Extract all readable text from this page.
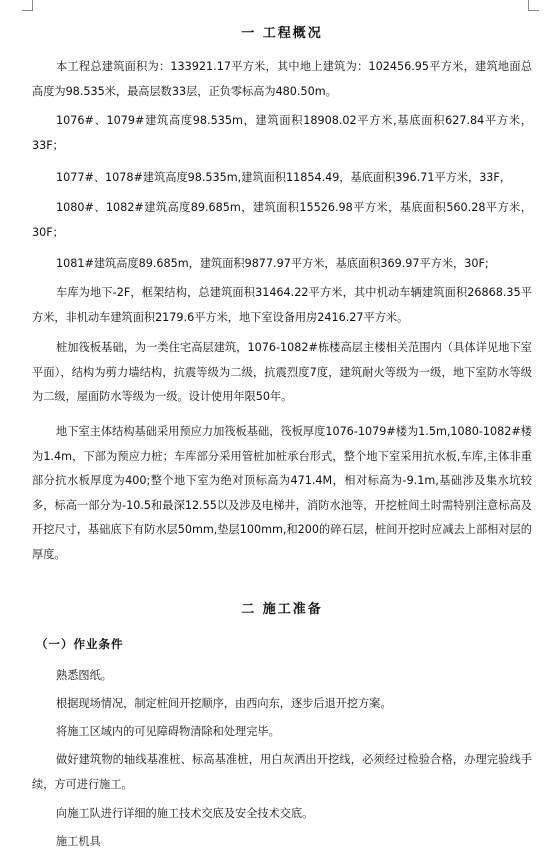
一 工程概况
本工程总建筑面积为：133921.17平方米，其中地上建筑为：102456.95平方米，建筑地面总高度为98.535米，最高层数33层，正负零标高为480.50m。
1076#、1079#建筑高度98.535m，建筑面积18908.02平方米,基底面积627.84平方米，33F；
1077#、1078#建筑高度98.535m,建筑面积11854.49，基底面积396.71平方米，33F，
1080#、1082#建筑高度89.685m，建筑面积15526.98平方米，基底面积560.28平方米，30F；
1081#建筑高度89.685m，建筑面积9877.97平方米，基底面积369.97平方米，30F;
车库为地下-2F，框架结构，总建筑面积31464.22平方米，其中机动车辆建筑面积26868.35平方米，非机动车建筑面积2179.6平方米，地下室设备用房2416.27平方米。
桩加筏板基础，为一类住宅高层建筑，1076-1082#栋楼高层主楼相关范围内（具体详见地下室平面），结构为剪力墙结构，抗震等级为二级，抗震烈度7度，建筑耐火等级为一级，地下室防水等级为二级，屋面防水等级为一级。设计使用年限50年。
地下室主体结构基础采用预应力加筏板基础，筏板厚度1076-1079#楼为1.5m,1080-1082#楼为1.4m，下部为预应力桩；车库部分采用管桩加桩承台形式，整个地下室采用抗水板,车库,主体非重部分抗水板厚度为400;整个地下室为绝对顶标高为471.4M，相对标高为-9.1m,基础涉及集水坑较多，标高一部分为-10.5和最深12.55以及涉及电梯井，消防水池等，开挖桩间土时需特别注意标高及开挖尺寸，基础底下有防水层50mm,垫层100mm,和200的碎石层，桩间开挖时应减去上部相对层的厚度。
二 施工准备
（一）作业条件
熟悉图纸。
根据现场情况，制定桩间开挖顺序，由西向东，逐步后退开挖方案。
将施工区域内的可见障碍物清除和处理完毕。
做好建筑物的轴线基准桩、标高基准桩，用白灰洒出开挖线，必须经过检验合格，办理完验线手续，方可进行施工。
向施工队进行详细的施工技术交底及安全技术交底。
施工机具
